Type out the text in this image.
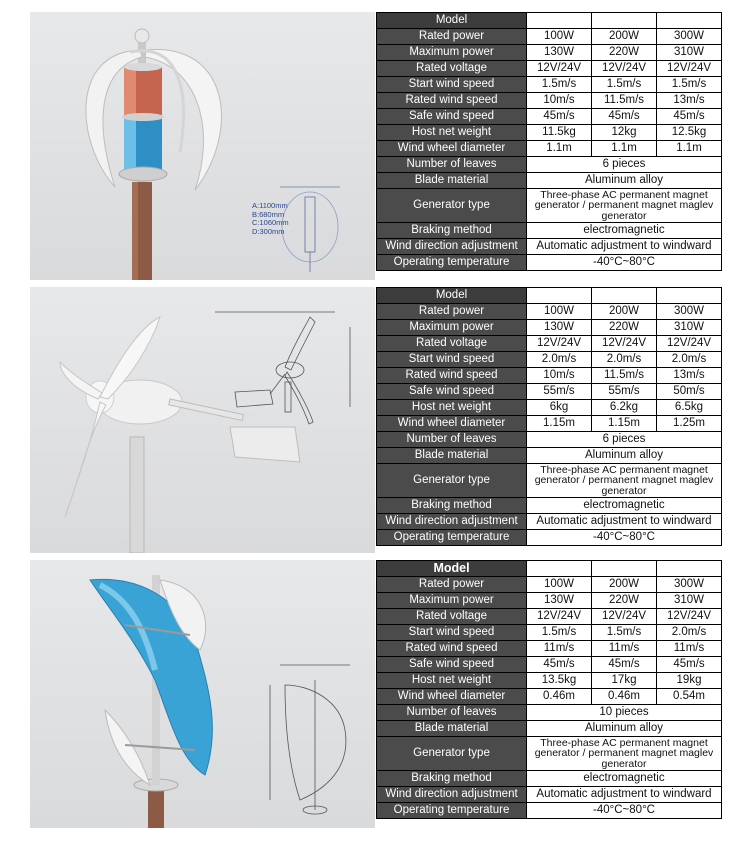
A:1100mm
B:680mm
C:1060mm
D:300mm
Model			
Rated power	100W	200W	300W
Maximum power	130W	220W	310W
Rated voltage	12V/24V	12V/24V	12V/24V
Start wind speed	1.5m/s	1.5m/s	1.5m/s
Rated wind speed	10m/s	11.5m/s	13m/s
Safe wind speed	45m/s	45m/s	45m/s
Host net weight	11.5kg	12kg	12.5kg
Wind wheel diameter	1.1m	1.1m	1.1m
Number of leaves	6 pieces		
Blade material	Aluminum alloy		
Generator type	Three-phase AC permanent magnet generator / permanent magnet maglev generator		
Braking method	electromagnetic		
Wind direction adjustment	Automatic adjustment to windward		
Operating temperature	-40°C~80°C		
Model			
Rated power	100W	200W	300W
Maximum power	130W	220W	310W
Rated voltage	12V/24V	12V/24V	12V/24V
Start wind speed	2.0m/s	2.0m/s	2.0m/s
Rated wind speed	10m/s	11.5m/s	13m/s
Safe wind speed	55m/s	55m/s	50m/s
Host net weight	6kg	6.2kg	6.5kg
Wind wheel diameter	1.15m	1.15m	1.25m
Number of leaves	6 pieces		
Blade material	Aluminum alloy		
Generator type	Three-phase AC permanent magnet generator / permanent magnet maglev generator		
Braking method	electromagnetic		
Wind direction adjustment	Automatic adjustment to windward		
Operating temperature	-40°C~80°C		
Model			
Rated power	100W	200W	300W
Maximum power	130W	220W	310W
Rated voltage	12V/24V	12V/24V	12V/24V
Start wind speed	1.5m/s	1.5m/s	2.0m/s
Rated wind speed	11m/s	11m/s	11m/s
Safe wind speed	45m/s	45m/s	45m/s
Host net weight	13.5kg	17kg	19kg
Wind wheel diameter	0.46m	0.46m	0.54m
Number of leaves	10 pieces		
Blade material	Aluminum alloy		
Generator type	Three-phase AC permanent magnet generator / permanent magnet maglev generator		
Braking method	electromagnetic		
Wind direction adjustment	Automatic adjustment to windward		
Operating temperature	-40°C~80°C		
